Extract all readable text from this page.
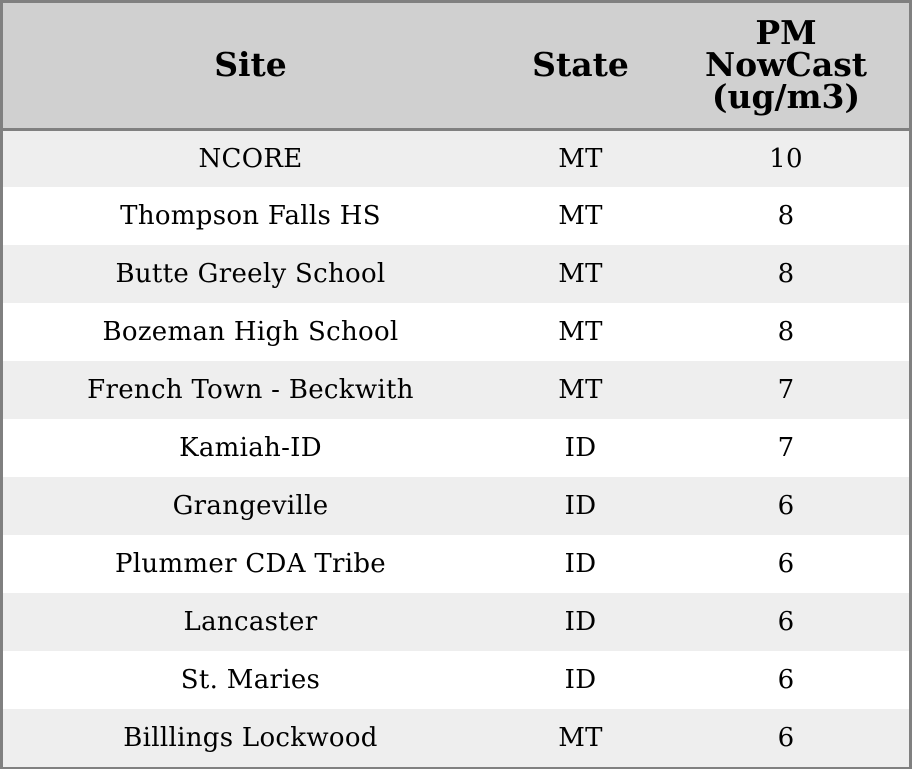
Site	State	PM
NowCast
(ug/m3)

NCORE	MT	10
Thompson Falls HS	MT	8
Butte Greely School	MT	8
Bozeman High School	MT	8
French Town - Beckwith	MT	7
Kamiah-ID	ID	7
Grangeville	ID	6
Plummer CDA Tribe	ID	6
Lancaster	ID	6
St. Maries	ID	6
Billlings Lockwood	MT	6
